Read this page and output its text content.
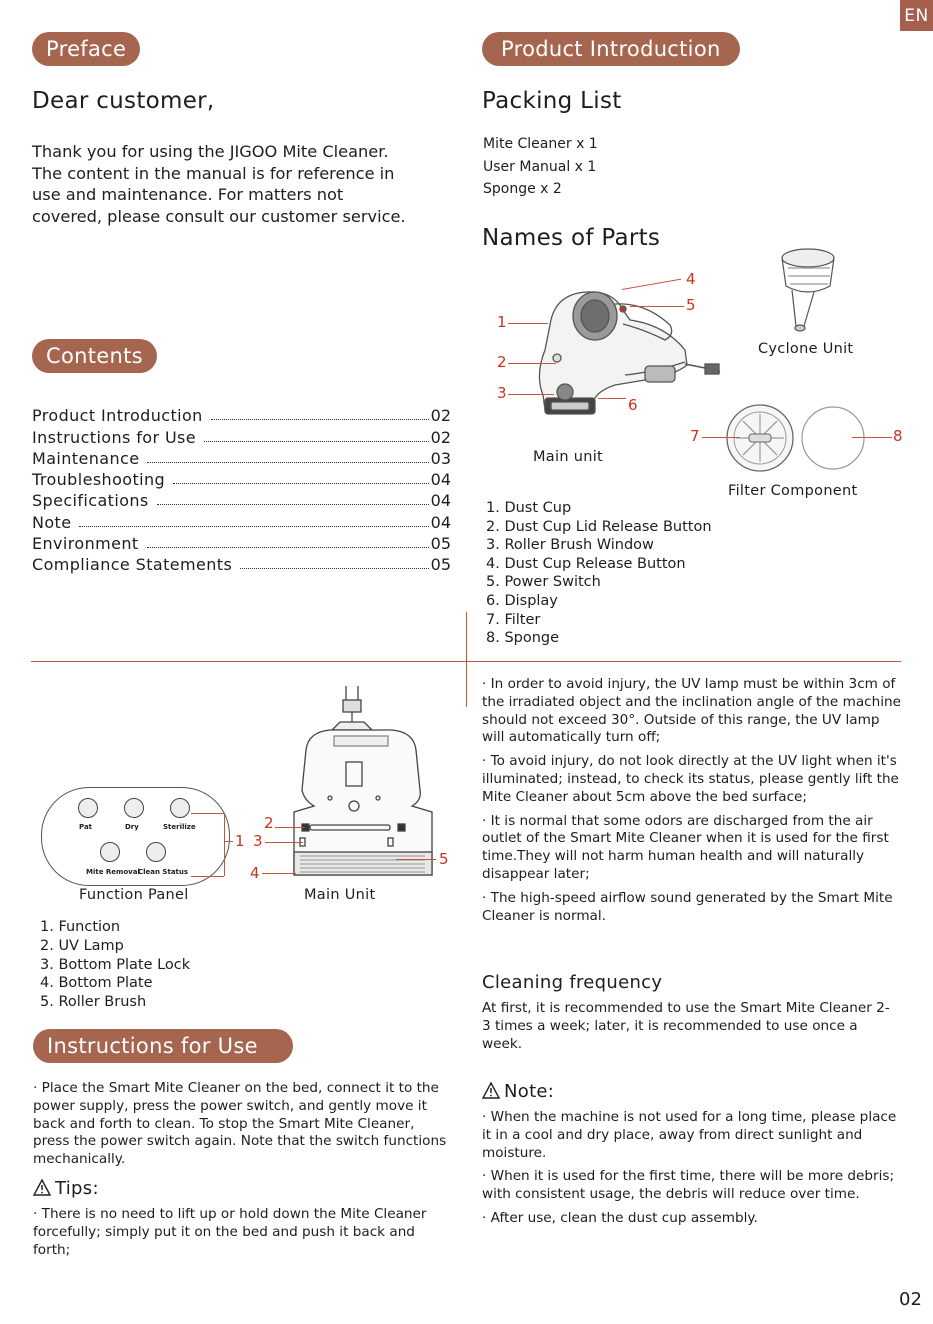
EN
Preface
Dear customer,
Thank you for using the JIGOO Mite Cleaner.
The content in the manual is for reference in
use and maintenance. For matters not
covered, please consult our customer service.
Contents
Product Introduction	02
Instructions for Use	02
Maintenance	03
Troubleshooting	04
Specifications	04
Note	04
Environment	05
Compliance Statements	05
Product Introduction
Packing List
Mite Cleaner x 1
User Manual x 1
Sponge x 2
Names of Parts
Main unit
1
2
3
4
5
6
Cyclone Unit
7	8
Filter Component
1. Dust Cup
2. Dust Cup Lid Release Button
3. Roller Brush Window
4. Dust Cup Release Button
5. Power Switch
6. Display
7. Filter
8. Sponge
Pat	Dry	Sterilize
Mite Removal
Clean Status
1
Function Panel
2
3
4
5
Main Unit
1. Function
2. UV Lamp
3. Bottom Plate Lock
4. Bottom Plate
5. Roller Brush
Instructions for Use
· Place the Smart Mite Cleaner on the bed, connect it to the power supply, press the power switch, and gently move it back and forth to clean. To stop the Smart Mite Cleaner, press the power switch again. Note that the switch functions mechanically.
Tips:
· There is no need to lift up or hold down the Mite Cleaner forcefully; simply put it on the bed and push it back and forth;

· In order to avoid injury, the UV lamp must be within 3cm of the irradiated object and the inclination angle of the machine should not exceed 30°. Outside of this range, the UV lamp will automatically turn off;

· To avoid injury, do not look directly at the UV light when it's illuminated; instead, to check its status, please gently lift the Mite Cleaner about 5cm above the bed surface;

· It is normal that some odors are discharged from the air outlet of the Smart Mite Cleaner when it is used for the first time.They will not harm human health and will naturally disappear later;

· The high-speed airflow sound generated by the Smart Mite Cleaner is normal.

Cleaning frequency
At first, it is recommended to use the Smart Mite Cleaner 2-3 times a week; later, it is recommended to use once a week.
Note:

· When the machine is not used for a long time, please place it in a cool and dry place, away from direct sunlight and moisture.

· When it is used for the first time, there will be more debris; with consistent usage, the debris will reduce over time.

· After use, clean the dust cup assembly.

02
